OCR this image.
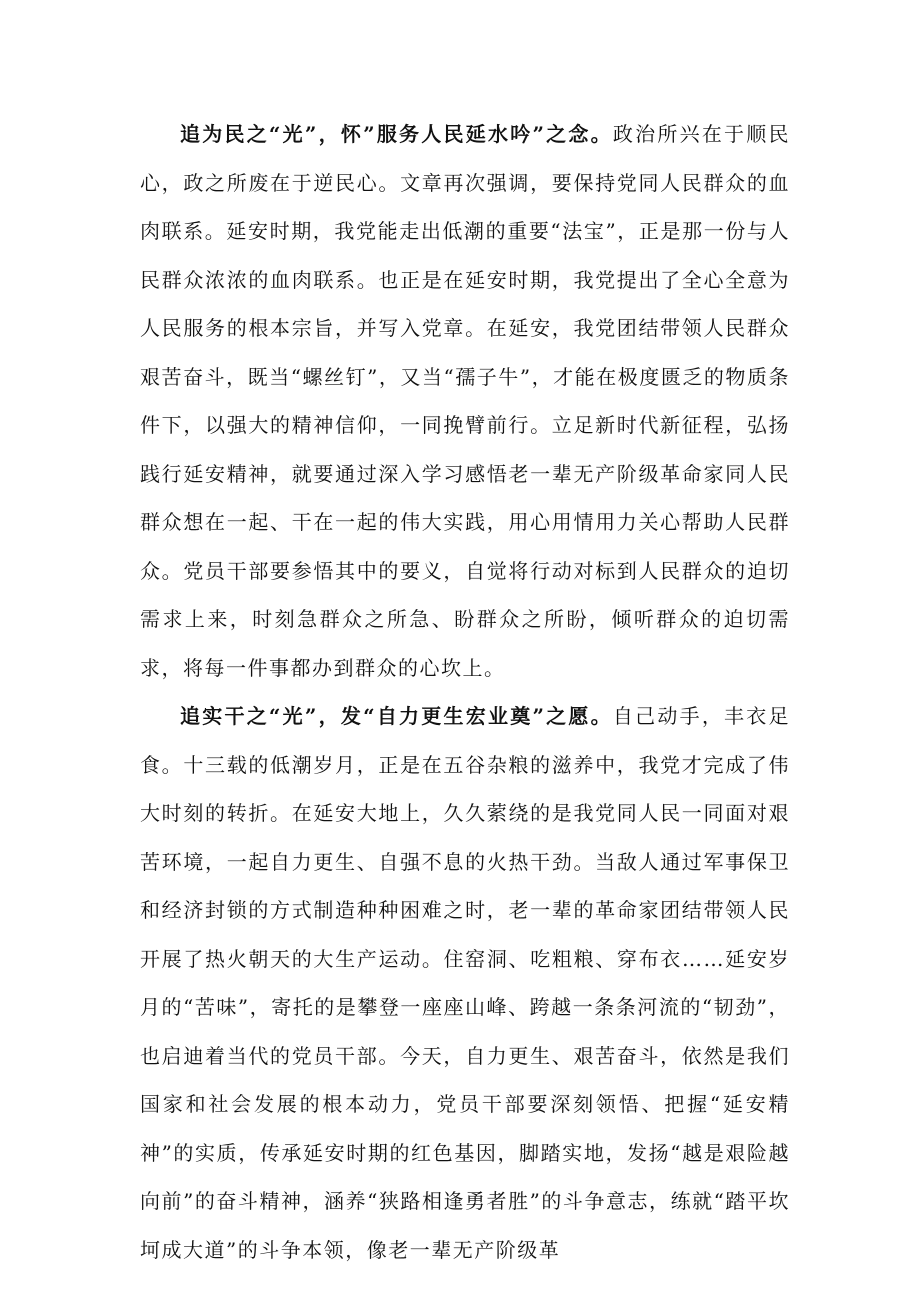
追为民之“光”，怀”服务人民延水吟”之念。政治所兴在于顺民心，政之所废在于逆民心。文章再次强调，要保持党同人民群众的血肉联系。延安时期，我党能走出低潮的重要“法宝”，正是那一份与人民群众浓浓的血肉联系。也正是在延安时期，我党提出了全心全意为人民服务的根本宗旨，并写入党章。在延安，我党团结带领人民群众艰苦奋斗，既当“螺丝钉”，又当“孺子牛”，才能在极度匮乏的物质条件下，以强大的精神信仰，一同挽臂前行。立足新时代新征程，弘扬践行延安精神，就要通过深入学习感悟老一辈无产阶级革命家同人民群众想在一起、干在一起的伟大实践，用心用情用力关心帮助人民群众。党员干部要参悟其中的要义，自觉将行动对标到人民群众的迫切需求上来，时刻急群众之所急、盼群众之所盼，倾听群众的迫切需求，将每一件事都办到群众的心坎上。

追实干之“光”，发“自力更生宏业奠”之愿。自己动手，丰衣足食。十三载的低潮岁月，正是在五谷杂粮的滋养中，我党才完成了伟大时刻的转折。在延安大地上，久久萦绕的是我党同人民一同面对艰苦环境，一起自力更生、自强不息的火热干劲。当敌人通过军事保卫和经济封锁的方式制造种种困难之时，老一辈的革命家团结带领人民开展了热火朝天的大生产运动。住窑洞、吃粗粮、穿布衣……延安岁月的“苦味”，寄托的是攀登一座座山峰、跨越一条条河流的“韧劲”，也启迪着当代的党员干部。今天，自力更生、艰苦奋斗，依然是我们国家和社会发展的根本动力，党员干部要深刻领悟、把握“延安精神”的实质，传承延安时期的红色基因，脚踏实地，发扬“越是艰险越向前”的奋斗精神，涵养“狭路相逢勇者胜”的斗争意志，练就“踏平坎坷成大道”的斗争本领，像老一辈无产阶级革
